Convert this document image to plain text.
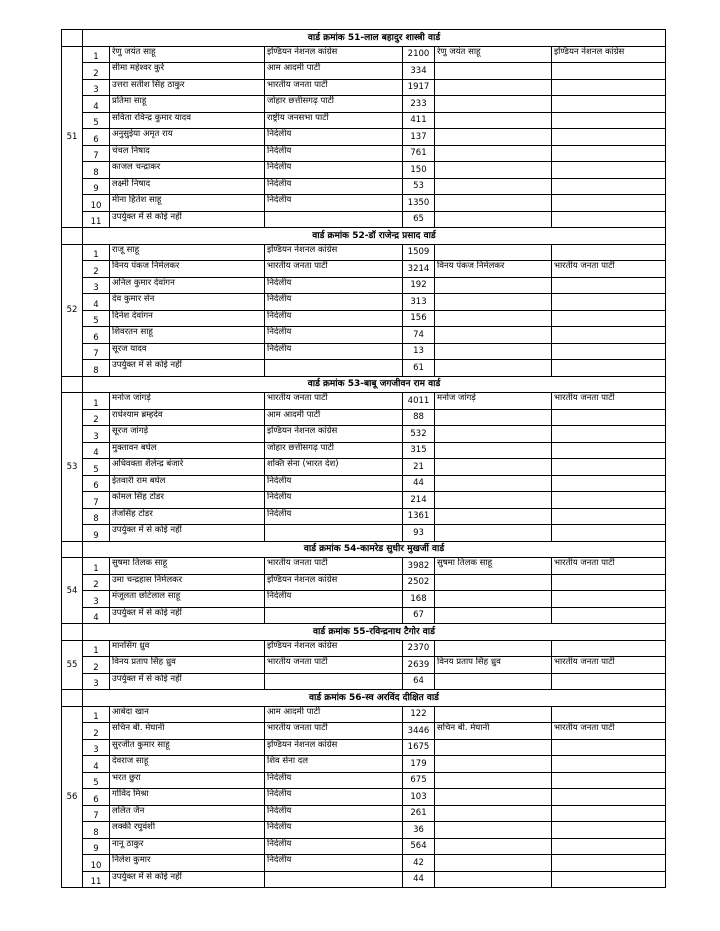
	वार्ड क्रमांक 51-लाल बहादुर शास्त्री वार्ड					
51	1	रेणु जयंत साहू	इण्डियन नेशनल कांग्रेस	2100	रेणु जयंत साहू	इण्डियन नेशनल कांग्रेस
	2	सीमा महेश्वर कुर्रे	आम आदमी पार्टी	334		
	3	उत्तरा सतीश सिंह ठाकुर	भारतीय जनता पार्टी	1917		
	4	प्रतिमा साहू	जोहार छत्तीसगढ़ पार्टी	233		
	5	सविता रविन्द्र कुमार यादव	राष्ट्रीय जनसभा पार्टी	411		
	6	अनुसुईया अमृत राय	निर्दलीय	137		
	7	चंचल निषाद	निर्दलीय	761		
	8	काजल चन्द्राकर	निर्दलीय	150		
	9	लक्ष्मी निषाद	निर्दलीय	53		
	10	मीना हितेश साहू	निर्दलीय	1350		
	11	उपर्युक्त में से कोई नहीं		65		
	वार्ड क्रमांक 52-डॉ राजेन्द्र प्रसाद वार्ड					
52	1	राजू साहू	इण्डियन नेशनल कांग्रेस	1509		
	2	विनय पंकज निर्मलकर	भारतीय जनता पार्टी	3214	विनय पंकज निर्मलकर	भारतीय जनता पार्टी
	3	अनिल कुमार देवांगन	निर्दलीय	192		
	4	देव कुमार सेन	निर्दलीय	313		
	5	दिनेश देवांगन	निर्दलीय	156		
	6	शिवरतन साहू	निर्दलीय	74		
	7	सूरज यादव	निर्दलीय	13		
	8	उपर्युक्त में से कोई नहीं		61		
	वार्ड क्रमांक 53-बाबू जगजीवन राम वार्ड					
53	1	मनोज जांगड़े	भारतीय जनता पार्टी	4011	मनोज जांगड़े	भारतीय जनता पार्टी
	2	राधेश्याम ब्रम्हदेव	आम आदमी पार्टी	88		
	3	सूरज जांगड़े	इण्डियन नेशनल कांग्रेस	532		
	4	मुक्तावन बघेल	जोहार छत्तीसगढ़ पार्टी	315		
	5	अधिवक्ता शैलेन्द्र बंजारे	शक्ति सेना (भारत देश)	21		
	6	ईतवारी राम बघेल	निर्दलीय	44		
	7	कोमल सिंह टोडर	निर्दलीय	214		
	8	तेजसिंह टोडर	निर्दलीय	1361		
	9	उपर्युक्त में से कोई नहीं		93		
	वार्ड क्रमांक 54-कामरेड सुधीर मुखर्जी वार्ड					
54	1	सुषमा तिलक साहू	भारतीय जनता पार्टी	3982	सुषमा तिलक साहू	भारतीय जनता पार्टी
	2	उमा चन्द्रहास निर्मलकर	इण्डियन नेशनल कांग्रेस	2502		
	3	मंजूलता छोटेलाल साहू	निर्दलीय	168		
	4	उपर्युक्त में से कोई नहीं		67		
	वार्ड क्रमांक 55-रविन्द्रनाथ टैगोर वार्ड					
55	1	मानसिंग ध्रुव	इण्डियन नेशनल कांग्रेस	2370		
	2	विनय प्रताप सिंह ध्रुव	भारतीय जनता पार्टी	2639	विनय प्रताप सिंह ध्रुव	भारतीय जनता पार्टी
	3	उपर्युक्त में से कोई नहीं		64		
	वार्ड क्रमांक 56-स्व अरविंद दीक्षित वार्ड					
56	1	आबेदा खान	आम आदमी पार्टी	122		
	2	सचिन बी. मेघानी	भारतीय जनता पार्टी	3446	सचिन बी. मेघानी	भारतीय जनता पार्टी
	3	सुरजीत कुमार साहू	इण्डियन नेशनल कांग्रेस	1675		
	4	देवराज साहू	शिव सेना दल	179		
	5	भरत छुरा	निर्दलीय	675		
	6	गोविंद मिश्रा	निर्दलीय	103		
	7	ललित जैन	निर्दलीय	261		
	8	लक्की रघुवंशी	निर्दलीय	36		
	9	नानू ठाकुर	निर्दलीय	564		
	10	निलेश कुमार	निर्दलीय	42		
	11	उपर्युक्त में से कोई नहीं		44		
